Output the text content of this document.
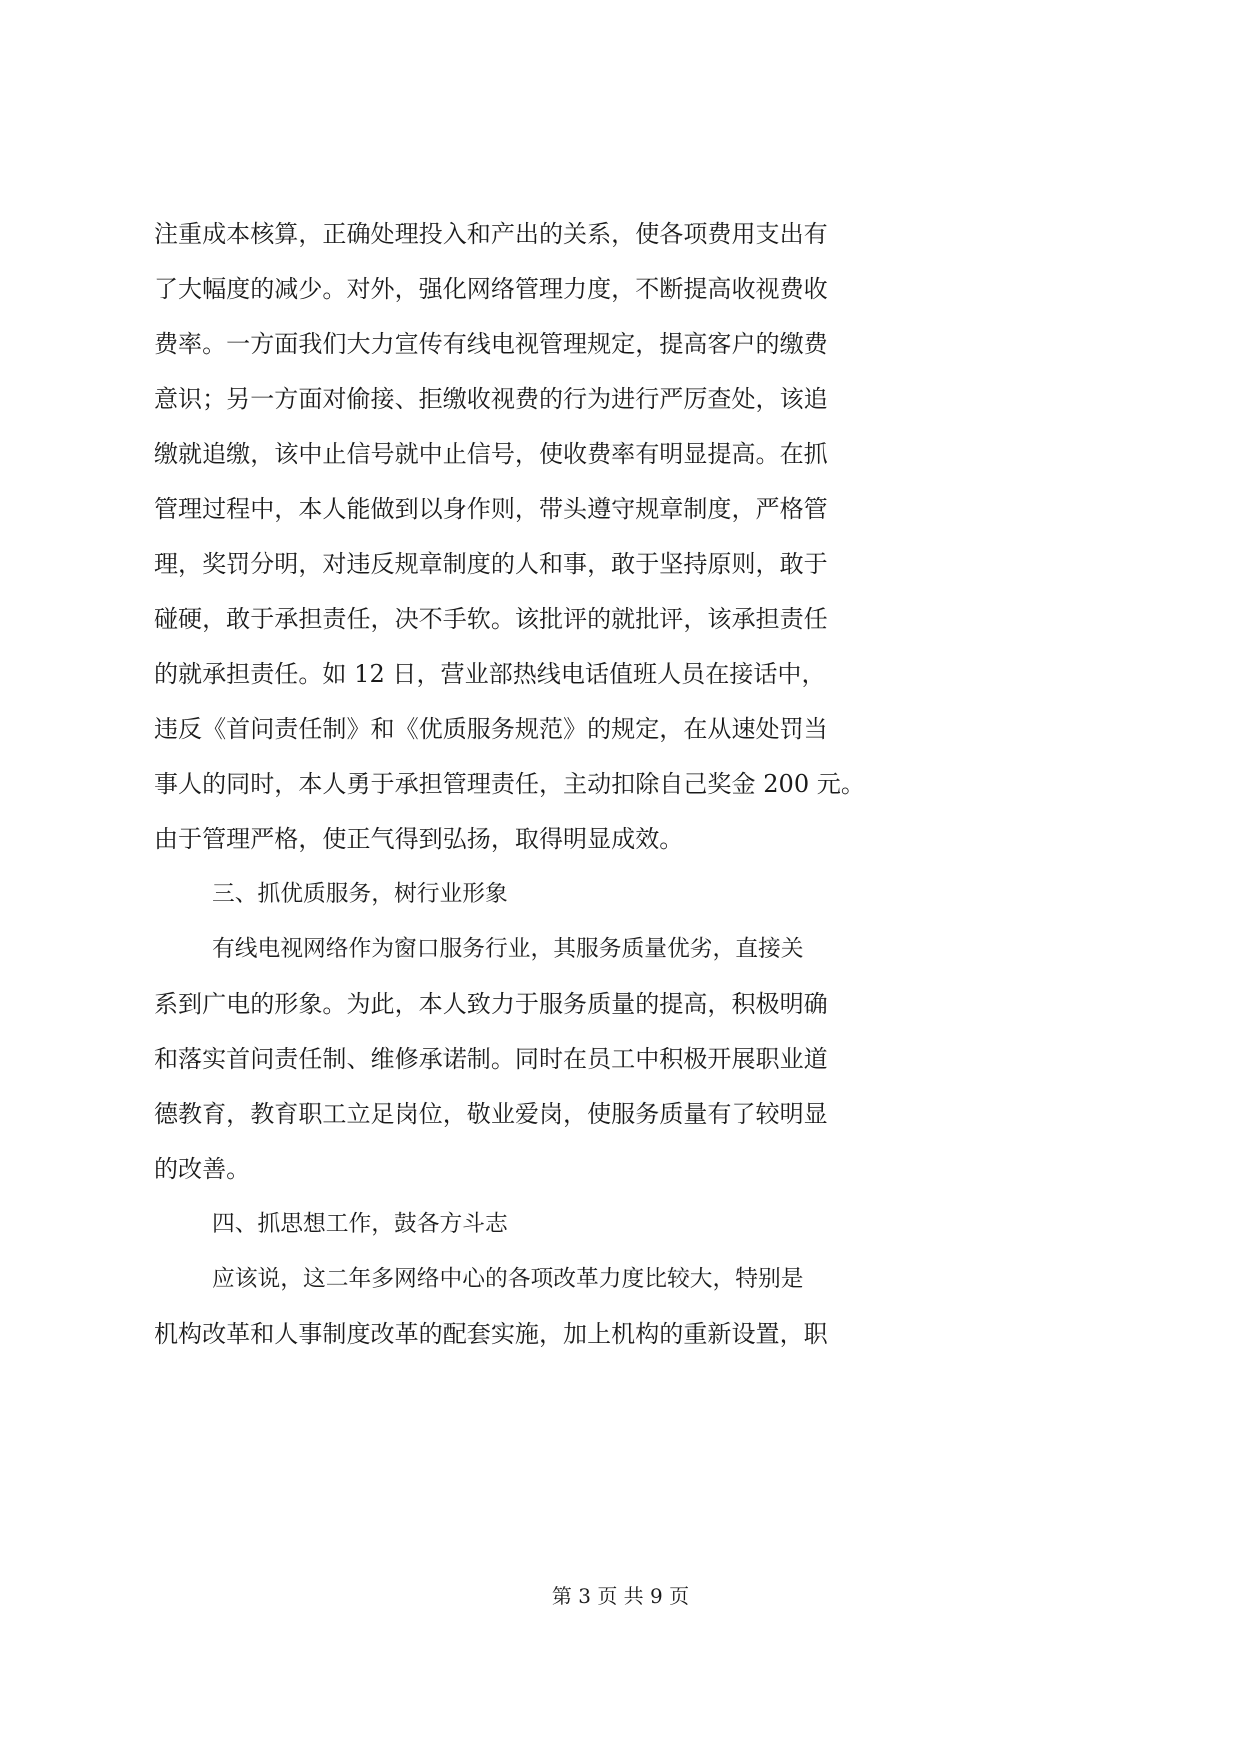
注重成本核算，正确处理投入和产出的关系，使各项费用支出有
了大幅度的减少。对外，强化网络管理力度，不断提高收视费收
费率。一方面我们大力宣传有线电视管理规定，提高客户的缴费
意识；另一方面对偷接、拒缴收视费的行为进行严厉查处，该追
缴就追缴，该中止信号就中止信号，使收费率有明显提高。在抓
管理过程中，本人能做到以身作则，带头遵守规章制度，严格管
理，奖罚分明，对违反规章制度的人和事，敢于坚持原则，敢于
碰硬，敢于承担责任，决不手软。该批评的就批评，该承担责任
的就承担责任。如 12 日，营业部热线电话值班人员在接话中，
违反《首问责任制》和《优质服务规范》的规定，在从速处罚当
事人的同时，本人勇于承担管理责任，主动扣除自己奖金 200 元。
由于管理严格，使正气得到弘扬，取得明显成效。
三、抓优质服务，树行业形象
有线电视网络作为窗口服务行业，其服务质量优劣，直接关
系到广电的形象。为此，本人致力于服务质量的提高，积极明确
和落实首问责任制、维修承诺制。同时在员工中积极开展职业道
德教育，教育职工立足岗位，敬业爱岗，使服务质量有了较明显
的改善。
四、抓思想工作，鼓各方斗志
应该说，这二年多网络中心的各项改革力度比较大，特别是
机构改革和人事制度改革的配套实施，加上机构的重新设置，职
第 3 页 共 9 页
